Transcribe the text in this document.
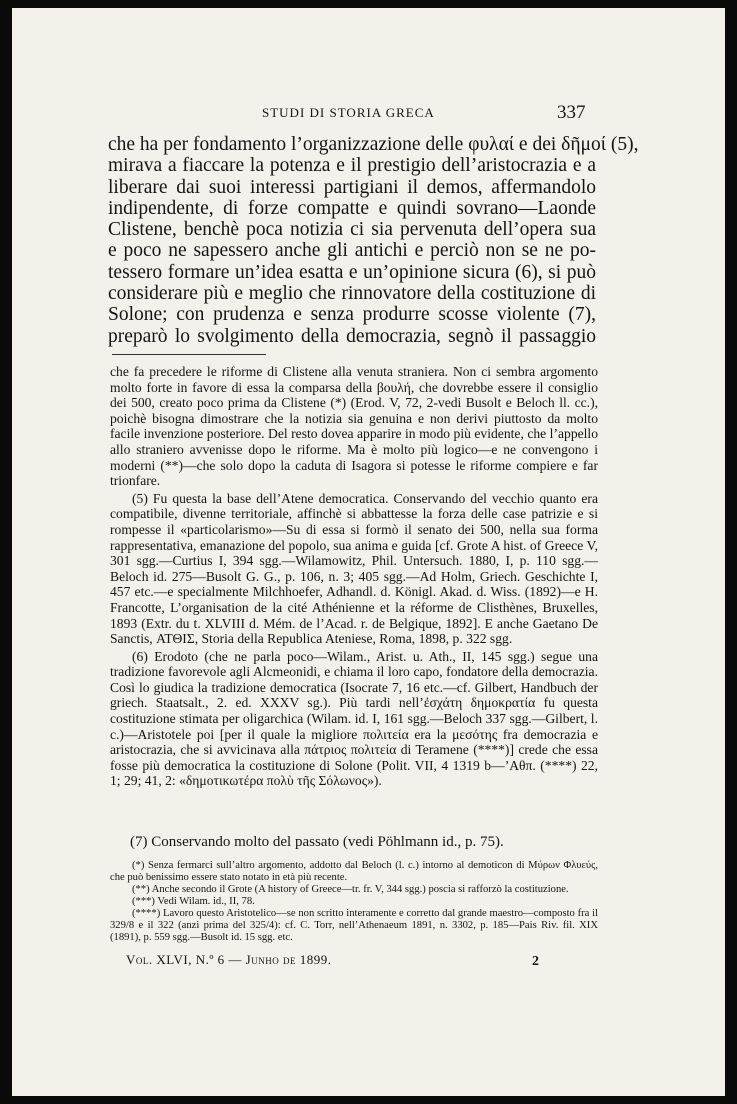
STUDI DI STORIA GRECA	337
che ha per fondamento l’organizzazione delle φυλαί e dei δῆμοί (5),
mirava a fiaccare la potenza e il prestigio dell’aristocrazia e a
liberare dai suoi interessi partigiani il demos, affermandolo
indipendente, di forze compatte e quindi sovrano—Laonde
Clistene, benchè poca notizia ci sia pervenuta dell’opera sua
e poco ne sapessero anche gli antichi e perciò non se ne po-
tessero formare un’idea esatta e un’opinione sicura (6), si può
considerare più e meglio che rinnovatore della costituzione di
Solone; con prudenza e senza produrre scosse violente (7),
preparò lo svolgimento della democrazia, segnò il passaggio

che fa precedere le riforme di Clistene alla venuta straniera. Non ci sembra argomento molto forte in favore di essa la comparsa della βουλή, che dovrebbe essere il consiglio dei 500, creato poco prima da Clistene (*) (Erod. V, 72, 2-vedi Busolt e Beloch ll. cc.), poichè bisogna dimostrare che la notizia sia genuina e non derivi piuttosto da molto facile invenzione posteriore. Del resto dovea apparire in modo più evidente, che l’appello allo straniero avvenisse dopo le riforme. Ma è molto più logico—e ne convengono i moderni (**)—che solo dopo la caduta di Isagora si potesse le riforme compiere e far trionfare.

(5) Fu questa la base dell’Atene democratica. Conservando del vecchio quanto era compatibile, divenne territoriale, affinchè si abbattesse la forza delle case patrizie e si rompesse il «particolarismo»—Su di essa si formò il senato dei 500, nella sua forma rappresentativa, emanazione del popolo, sua anima e guida [cf. Grote A hist. of Greece V, 301 sgg.—Curtius I, 394 sgg.—Wilamowitz, Phil. Untersuch. 1880, I, p. 110 sgg.—Beloch id. 275—Busolt G. G., p. 106, n. 3; 405 sgg.—Ad Holm, Griech. Geschichte I, 457 etc.—e specialmente Milchhoefer, Adhandl. d. Königl. Akad. d. Wiss. (1892)—e H. Francotte, L’organisation de la cité Athénienne et la réforme de Clisthènes, Bruxelles, 1893 (Extr. du t. XLVIII d. Mém. de l’Acad. r. de Belgique, 1892]. E anche Gaetano De Sanctis, ΑΤΘΙΣ, Storia della Republica Ateniese, Roma, 1898, p. 322 sgg.

(6) Erodoto (che ne parla poco—Wilam., Arist. u. Ath., II, 145 sgg.) segue una tradizione favorevole agli Alcmeonidi, e chiama il loro capo, fondatore della democrazia. Così lo giudica la tradizione democratica (Isocrate 7, 16 etc.—cf. Gilbert, Handbuch der griech. Staatsalt., 2. ed. XXXV sg.). Più tardi nell’ἐσχάτη δημοκρατία fu questa costituzione stimata per oligarchica (Wilam. id. I, 161 sgg.—Beloch 337 sgg.—Gilbert, l. c.)—Aristotele poi [per il quale la migliore πολιτεία era la μεσότης fra democrazia e aristocrazia, che si avvicinava alla πάτριος πολιτεία di Teramene (****)] crede che essa fosse più democratica la costituzione di Solone (Polit. VII, 4 1319 b—’Αθπ. (****) 22, 1; 29; 41, 2: «δημοτικωτέρα πολὺ τῆς Σόλωνος»).

(7) Conservando molto del passato (vedi Pöhlmann id., p. 75).

(*) Senza fermarci sull’altro argomento, addotto dal Beloch (l. c.) intorno al demoticon di Μύρων Φλυεύς, che può benissimo essere stato notato in età più recente.

(**) Anche secondo il Grote (A history of Greece—tr. fr. V, 344 sgg.) poscia si rafforzò la costituzione.

(***) Vedi Wilam. id., II, 78.

(****) Lavoro questo Aristotelico—se non scritto interamente e corretto dal grande maestro—composto fra il 329/8 e il 322 (anzi prima del 325/4): cf. C. Torr, nell’Athenaeum 1891, n. 3302, p. 185—Pais Riv. fil. XIX (1891), p. 559 sgg.—Busolt id. 15 sgg. etc.

Vol. XLVI, N.º 6 — Junho de 1899.	2
